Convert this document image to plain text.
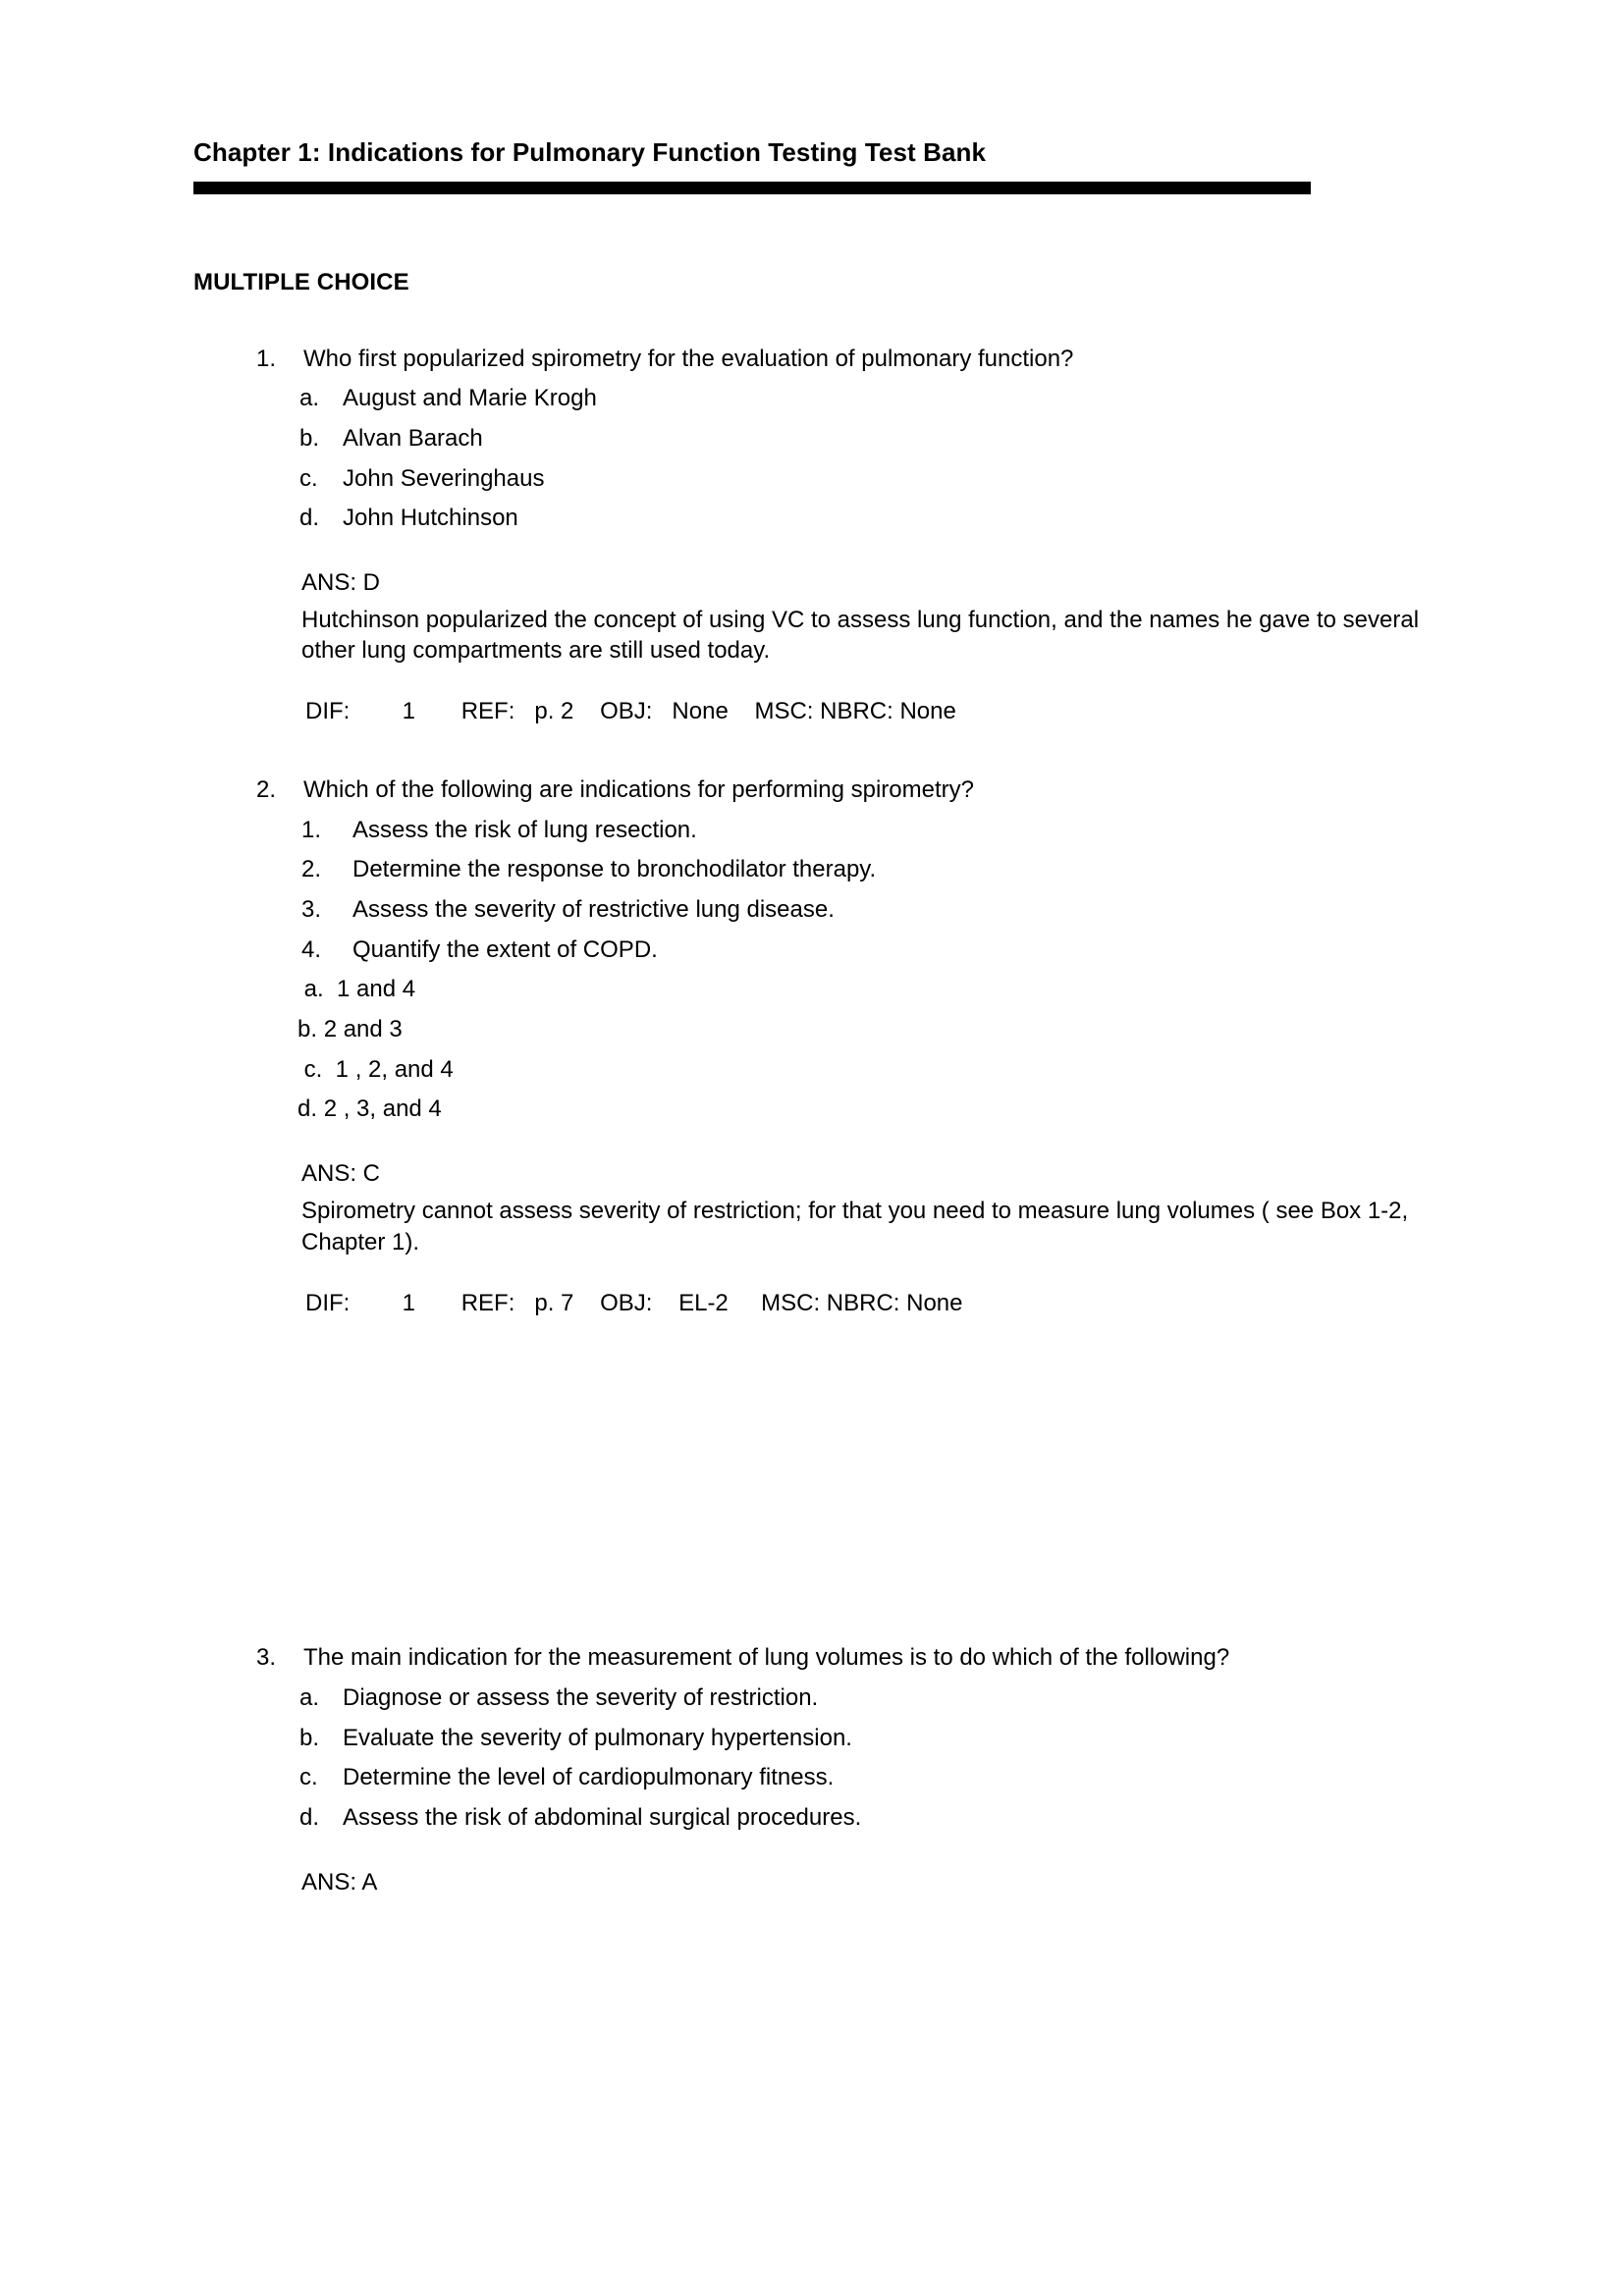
Chapter 1: Indications for Pulmonary Function Testing Test Bank
MULTIPLE CHOICE
1.	Who first popularized spirometry for the evaluation of pulmonary function?
a. August and Marie Krogh
b. Alvan Barach
c.	John Severinghaus
d. John Hutchinson
ANS: D
Hutchinson popularized the concept of using VC to assess lung function, and the names he gave to several other lung compartments are still used today.
DIF:        1       REF:   p. 2    OBJ:   None    MSC: NBRC: None
2.	Which of the following are indications for performing spirometry?
1.	Assess the risk of lung resection.
2.	Determine the response to bronchodilator therapy.
3.	Assess the severity of restrictive lung disease.
4.	Quantify the extent of COPD.
a. 1 and 4
b. 2 and 3
c. 1 , 2, and 4
d. 2 , 3, and 4
ANS: C
Spirometry cannot assess severity of restriction; for that you need to measure lung volumes ( see Box 1-2, Chapter 1).
DIF:        1       REF:   p. 7    OBJ:    EL-2     MSC: NBRC: None
3.	The main indication for the measurement of lung volumes is to do which of the following?
a. Diagnose or assess the severity of restriction.
b. Evaluate the severity of pulmonary hypertension.
c.	Determine the level of cardiopulmonary fitness.
d. Assess the risk of abdominal surgical procedures.
ANS: A
